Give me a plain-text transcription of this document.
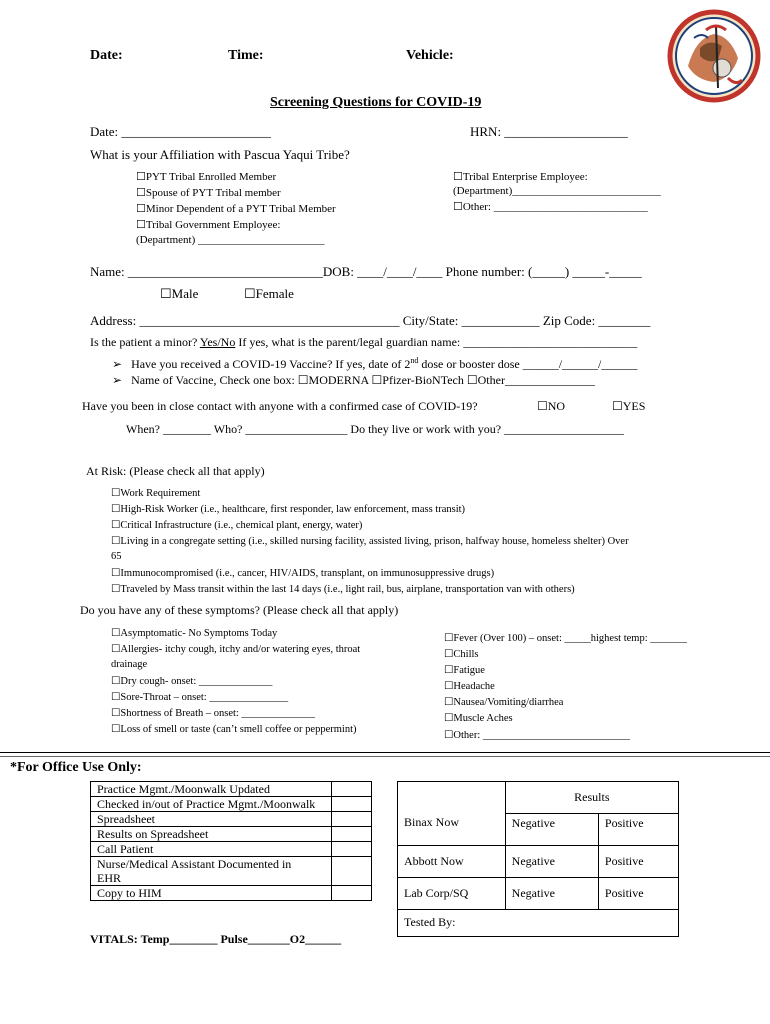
Date:	Time:	Vehicle:
Screening Questions for COVID-19
Date: _______________________	HRN: ___________________
What is your Affiliation with Pascua Yaqui Tribe?
☐PYT Tribal Enrolled Member
☐Spouse of PYT Tribal member
☐Minor Dependent of a PYT Tribal Member
☐Tribal Government Employee:
(Department) _______________________
☐Tribal Enterprise Employee:
(Department)___________________________
☐Other: ____________________________
Name: ______________________________DOB: ____/____/____ Phone number: (_____) _____-_____
☐Male	☐Female
Address: ________________________________________ City/State: ____________ Zip Code: ________
Is the patient a minor? Yes/No If yes, what is the parent/legal guardian name: _____________________________
➢ Have you received a COVID-19 Vaccine? If yes, date of 2nd dose or booster dose ______/______/______
➢ Name of Vaccine, Check one box: ☐MODERNA ☐Pfizer-BioNTech ☐Other_______________
Have you been in close contact with anyone with a confirmed case of COVID-19?	☐NO	☐YES
When? ________ Who? _________________ Do they live or work with you? ____________________
At Risk: (Please check all that apply)
☐Work Requirement
☐High-Risk Worker (i.e., healthcare, first responder, law enforcement, mass transit)
☐Critical Infrastructure (i.e., chemical plant, energy, water)
☐Living in a congregate setting (i.e., skilled nursing facility, assisted living, prison, halfway house, homeless shelter) Over
65
☐Immunocompromised (i.e., cancer, HIV/AIDS, transplant, on immunosuppressive drugs)
☐Traveled by Mass transit within the last 14 days (i.e., light rail, bus, airplane, transportation van with others)
Do you have any of these symptoms? (Please check all that apply)
☐Asymptomatic- No Symptoms Today
☐Allergies- itchy cough, itchy and/or watering eyes, throat
drainage
☐Dry cough- onset: ______________
☐Sore-Throat – onset: _______________
☐Shortness of Breath – onset: ______________
☐Loss of smell or taste (can’t smell coffee or peppermint)
☐Fever (Over 100) – onset: _____highest temp: _______
☐Chills
☐Fatigue
☐Headache
☐Nausea/Vomiting/diarrhea
☐Muscle Aches
☐Other: ____________________________
*For Office Use Only:
Practice Mgmt./Moonwalk Updated	
Checked in/out of Practice Mgmt./Moonwalk	
Spreadsheet	
Results on Spreadsheet	
Call Patient	
Nurse/Medical Assistant Documented in	
EHR	
Copy to HIM	
	Results	
Binax Now	Negative	Positive
Abbott Now	Negative	Positive
Lab Corp/SQ	Negative	Positive
Tested By:		
VITALS: Temp________ Pulse_______O2______
